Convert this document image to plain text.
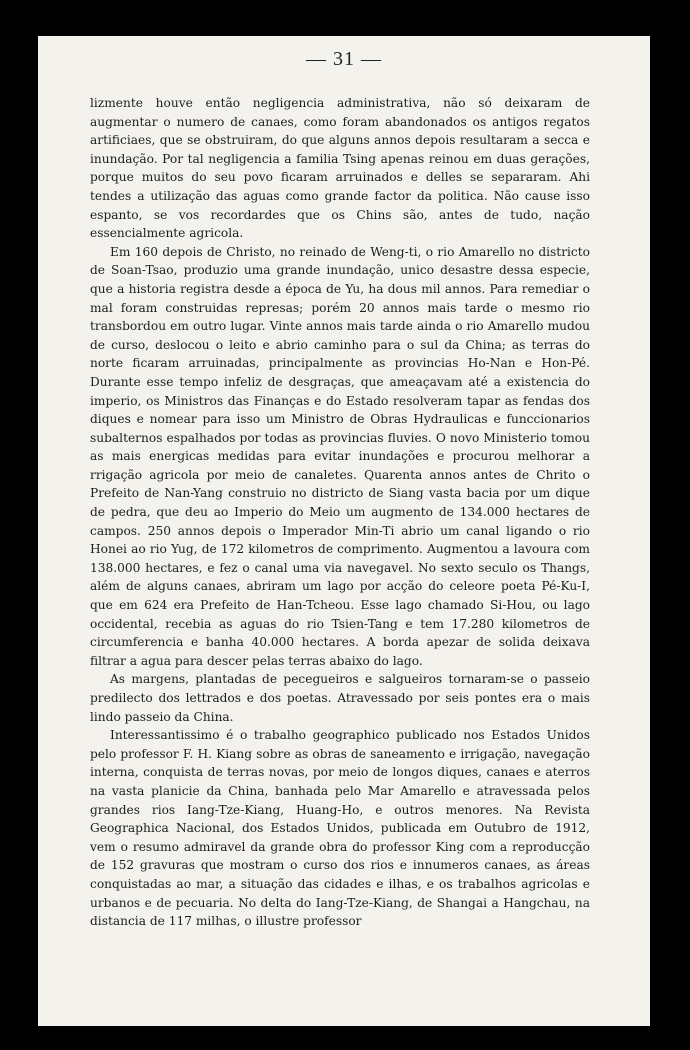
— 31 —

lizmente houve então negligencia administrativa, não só deixaram de augmentar o numero de canaes, como foram abandonados os antigos regatos artificiaes, que se obstruiram, do que alguns annos depois resultaram a secca e inundação. Por tal negligencia a familia Tsing apenas reinou em duas gerações, porque muitos do seu povo ficaram arruinados e delles se separaram. Ahi tendes a utilização das aguas como grande factor da politica. Não cause isso espanto, se vos recordardes que os Chins são, antes de tudo, nação essencialmente agricola.

Em 160 depois de Christo, no reinado de Weng-ti, o rio Amarello no districto de Soan-Tsao, produzio uma grande inundação, unico desastre dessa especie, que a historia registra desde a época de Yu, ha dous mil annos. Para remediar o mal foram construidas represas; porém 20 annos mais tarde o mesmo rio transbordou em outro lugar. Vinte annos mais tarde ainda o rio Amarello mudou de curso, deslocou o leito e abrio caminho para o sul da China; as terras do norte ficaram arruinadas, principalmente as provincias Ho-Nan e Hon-Pé. Durante esse tempo infeliz de desgraças, que ameaçavam até a existencia do imperio, os Ministros das Finanças e do Estado resolveram tapar as fendas dos diques e nomear para isso um Ministro de Obras Hydraulicas e funccionarios subalternos espalhados por todas as provincias fluvies. O novo Ministerio tomou as mais energicas medidas para evitar inundações e procurou melhorar a rrigação agricola por meio de canaletes. Quarenta annos antes de Chrito o Prefeito de Nan-Yang construio no districto de Siang vasta bacia por um dique de pedra, que deu ao Imperio do Meio um augmento de 134.000 hectares de campos. 250 annos depois o Imperador Min-Ti abrio um canal ligando o rio Honei ao rio Yug, de 172 kilometros de comprimento. Augmentou a lavoura com 138.000 hectares, e fez o canal uma via navegavel. No sexto seculo os Thangs, além de alguns canaes, abriram um lago por acção do celeore poeta Pé-Ku-I, que em 624 era Prefeito de Han-Tcheou. Esse lago chamado Si-Hou, ou lago occidental, recebia as aguas do rio Tsien-Tang e tem 17.280 kilometros de circumferencia e banha 40.000 hectares. A borda apezar de solida deixava filtrar a agua para descer pelas terras abaixo do lago.

As margens, plantadas de pecegueiros e salgueiros tornaram-se o passeio predilecto dos lettrados e dos poetas. Atravessado por seis pontes era o mais lindo passeio da China.

Interessantissimo é o trabalho geographico publicado nos Estados Unidos pelo professor F. H. Kiang sobre as obras de saneamento e irrigação, navegação interna, conquista de terras novas, por meio de longos diques, canaes e aterros na vasta planicie da China, banhada pelo Mar Amarello e atravessada pelos grandes rios Iang-Tze-Kiang, Huang-Ho, e outros menores. Na Revista Geographica Nacional, dos Estados Unidos, publicada em Outubro de 1912, vem o resumo admiravel da grande obra do professor King com a reproducção de 152 gravuras que mostram o curso dos rios e innumeros canaes, as áreas conquistadas ao mar, a situação das cidades e ilhas, e os trabalhos agricolas e urbanos e de pecuaria. No delta do Iang-Tze-Kiang, de Shangai a Hangchau, na distancia de 117 milhas, o illustre professor
